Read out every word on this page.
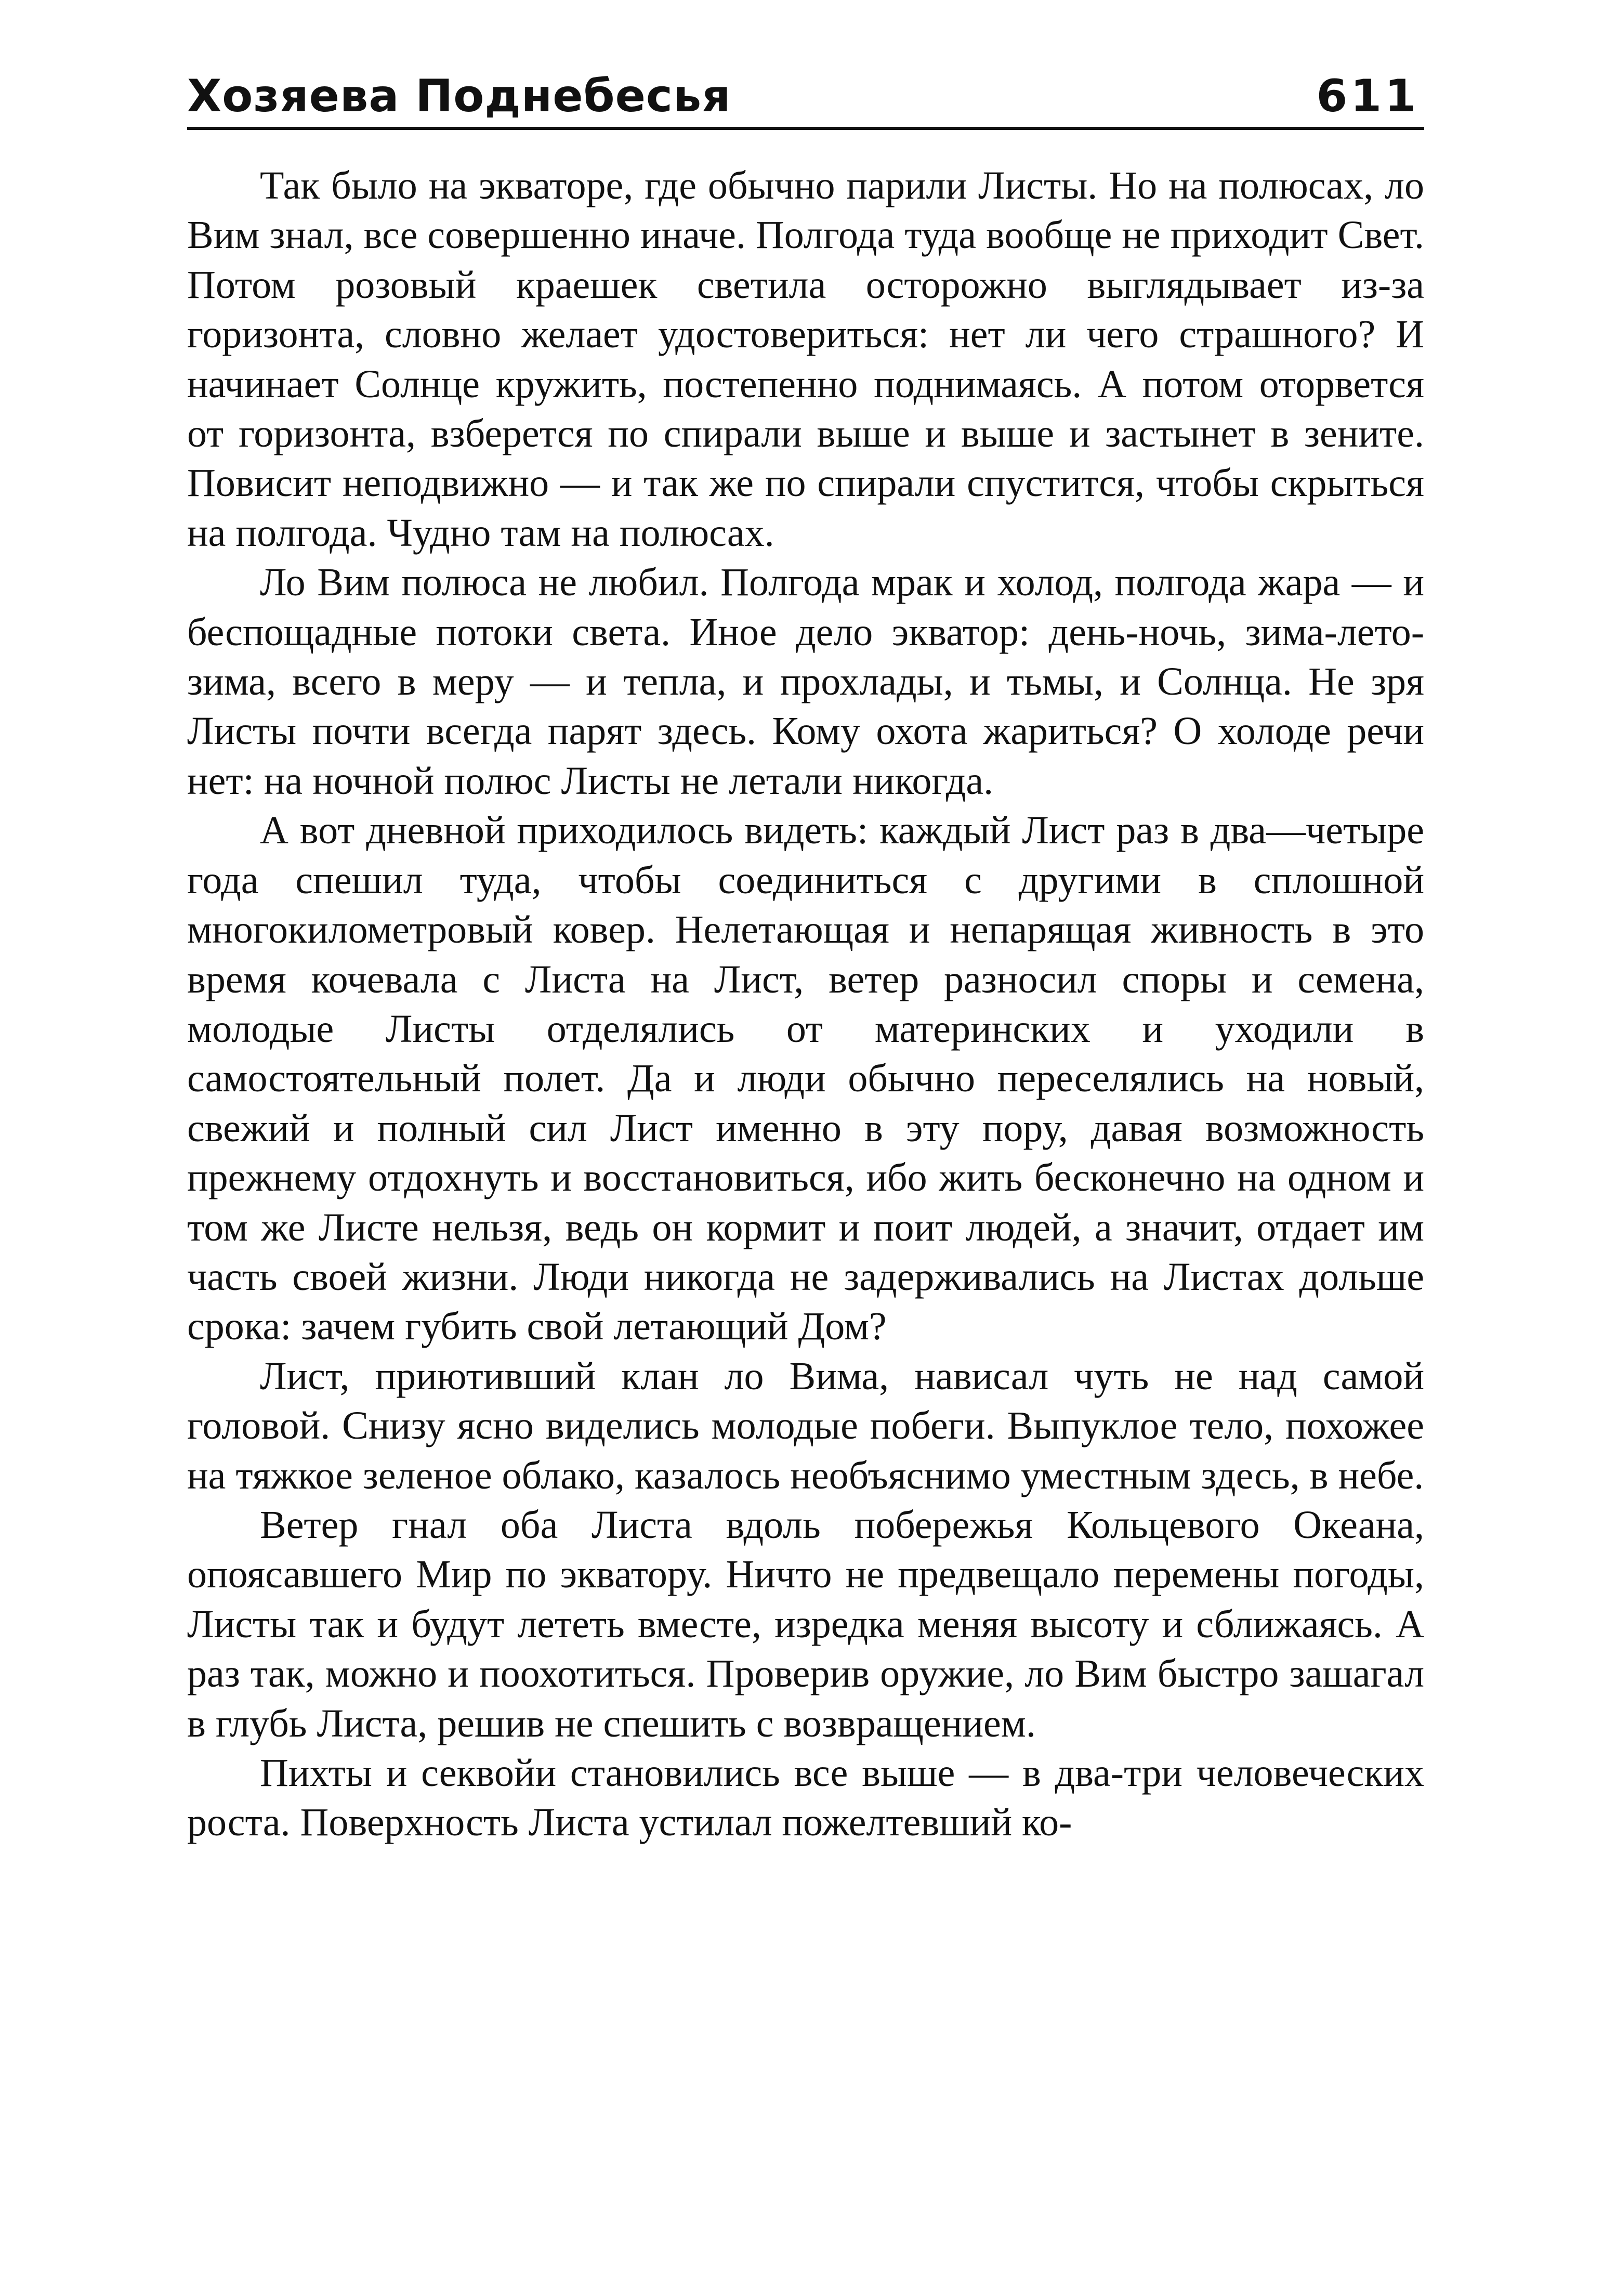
Хозяева Поднебесья	611

Так было на экваторе, где обычно парили Листы. Но на полюсах, ло Вим знал, все совершенно иначе. Полгода туда вообще не приходит Свет. Потом розовый краешек светила осторожно выглядывает из-за горизонта, словно желает удостовериться: нет ли чего страшного? И начинает Солнце кружить, постепенно поднимаясь. А потом оторвется от горизонта, взберется по спирали выше и выше и застынет в зените. Повисит неподвижно — и так же по спирали спустится, чтобы скрыться на полгода. Чудно там на полюсах.

Ло Вим полюса не любил. Полгода мрак и холод, полгода жара — и беспощадные потоки света. Иное дело экватор: день-ночь, зима-лето-зима, всего в меру — и тепла, и прохлады, и тьмы, и Солнца. Не зря Листы почти всегда парят здесь. Кому охота жариться? О холоде речи нет: на ночной полюс Листы не летали никогда.

А вот дневной приходилось видеть: каждый Лист раз в два—четыре года спешил туда, чтобы соединиться с другими в сплошной многокилометровый ковер. Нелетающая и непарящая живность в это время кочевала с Листа на Лист, ветер разносил споры и семена, молодые Листы отделялись от материнских и уходили в самостоятельный полет. Да и люди обычно переселялись на новый, свежий и полный сил Лист именно в эту пору, давая возможность прежнему отдохнуть и восстановиться, ибо жить бесконечно на одном и том же Листе нельзя, ведь он кормит и поит людей, а значит, отдает им часть своей жизни. Люди никогда не задерживались на Листах дольше срока: зачем губить свой летающий Дом?

Лист, приютивший клан ло Вима, нависал чуть не над самой головой. Снизу ясно виделись молодые побеги. Выпуклое тело, похожее на тяжкое зеленое облако, казалось необъяснимо уместным здесь, в небе.

Ветер гнал оба Листа вдоль побережья Кольцевого Океана, опоясавшего Мир по экватору. Ничто не предвещало перемены погоды, Листы так и будут лететь вместе, изредка меняя высоту и сближаясь. А раз так, можно и поохотиться. Проверив оружие, ло Вим быстро зашагал в глубь Листа, решив не спешить с возвращением.

Пихты и секвойи становились все выше — в два-три человеческих роста. Поверхность Листа устилал пожелтевший ко-
